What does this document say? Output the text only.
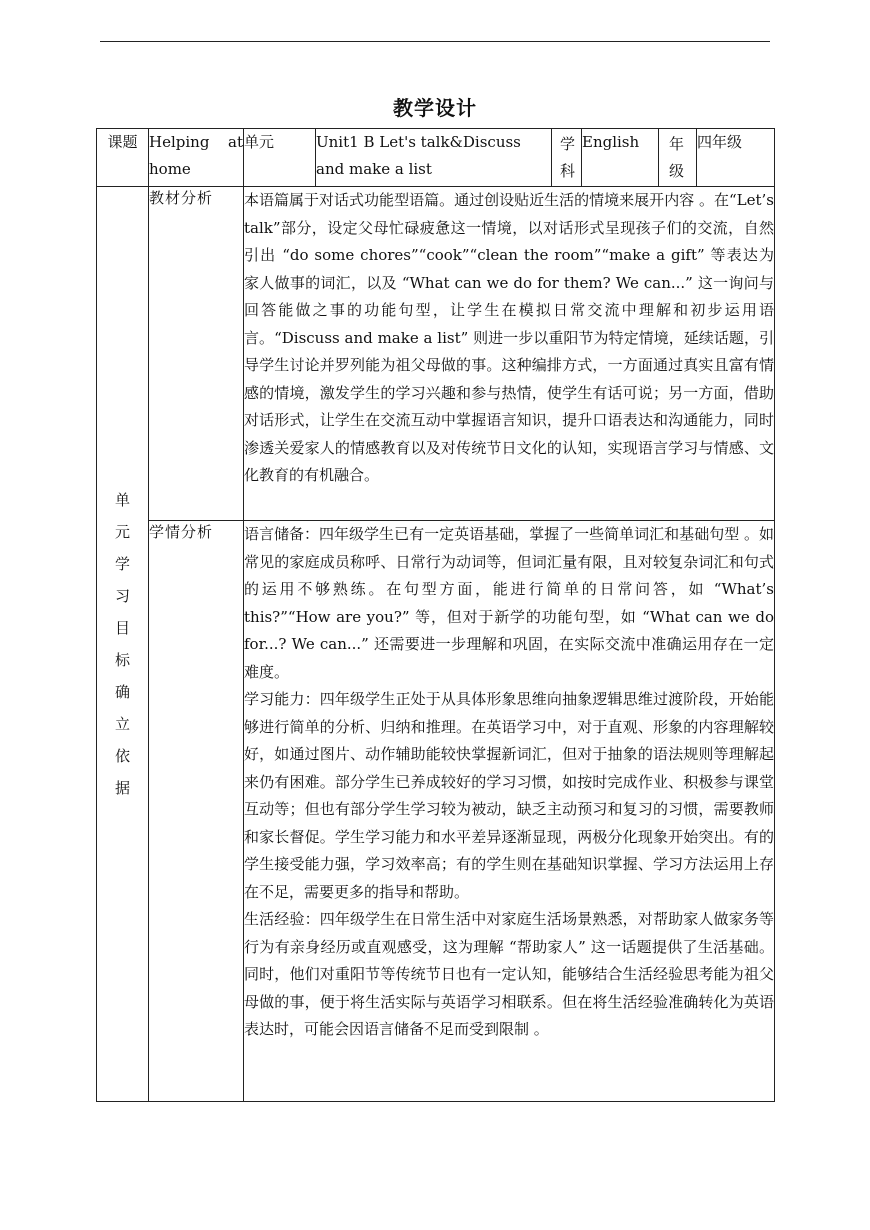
教学设计
课题	Helping at home	单元	Unit1 B Let's talk&Discuss and make a list	学科	English	年级	四年级
单元学习目标确立依据	教材分析	本语篇属于对话式功能型语篇。通过创设贴近生活的情境来展开内容 。在“Let’s talk”部分，设定父母忙碌疲惫这一情境，以对话形式呈现孩子们的交流，自然引出 “do some chores”“cook”“clean the room”“make a gift” 等表达为家人做事的词汇，以及 “What can we do for them? We can...” 这一询问与回答能做之事的功能句型，让学生在模拟日常交流中理解和初步运用语言。“Discuss and make a list” 则进一步以重阳节为特定情境，延续话题，引导学生讨论并罗列能为祖父母做的事。这种编排方式，一方面通过真实且富有情感的情境，激发学生的学习兴趣和参与热情，使学生有话可说；另一方面，借助对话形式，让学生在交流互动中掌握语言知识，提升口语表达和沟通能力，同时渗透关爱家人的情感教育以及对传统节日文化的认知，实现语言学习与情感、文化教育的有机融合。					
	学情分析	语言储备：四年级学生已有一定英语基础，掌握了一些简单词汇和基础句型 。如常见的家庭成员称呼、日常行为动词等，但词汇量有限，且对较复杂词汇和句式的运用不够熟练。在句型方面，能进行简单的日常问答，如 “What’s this?”“How are you?” 等，但对于新学的功能句型，如 “What can we do for...? We can...” 还需要进一步理解和巩固，在实际交流中准确运用存在一定难度。

学习能力：四年级学生正处于从具体形象思维向抽象逻辑思维过渡阶段，开始能够进行简单的分析、归纳和推理。在英语学习中，对于直观、形象的内容理解较好，如通过图片、动作辅助能较快掌握新词汇，但对于抽象的语法规则等理解起来仍有困难。部分学生已养成较好的学习习惯，如按时完成作业、积极参与课堂互动等；但也有部分学生学习较为被动，缺乏主动预习和复习的习惯，需要教师和家长督促。学生学习能力和水平差异逐渐显现，两极分化现象开始突出。有的学生接受能力强，学习效率高；有的学生则在基础知识掌握、学习方法运用上存在不足，需要更多的指导和帮助。

生活经验：四年级学生在日常生活中对家庭生活场景熟悉，对帮助家人做家务等行为有亲身经历或直观感受，这为理解 “帮助家人” 这一话题提供了生活基础。同时，他们对重阳节等传统节日也有一定认知，能够结合生活经验思考能为祖父母做的事，便于将生活实际与英语学习相联系。但在将生活经验准确转化为英语表达时，可能会因语言储备不足而受到限制 。					
